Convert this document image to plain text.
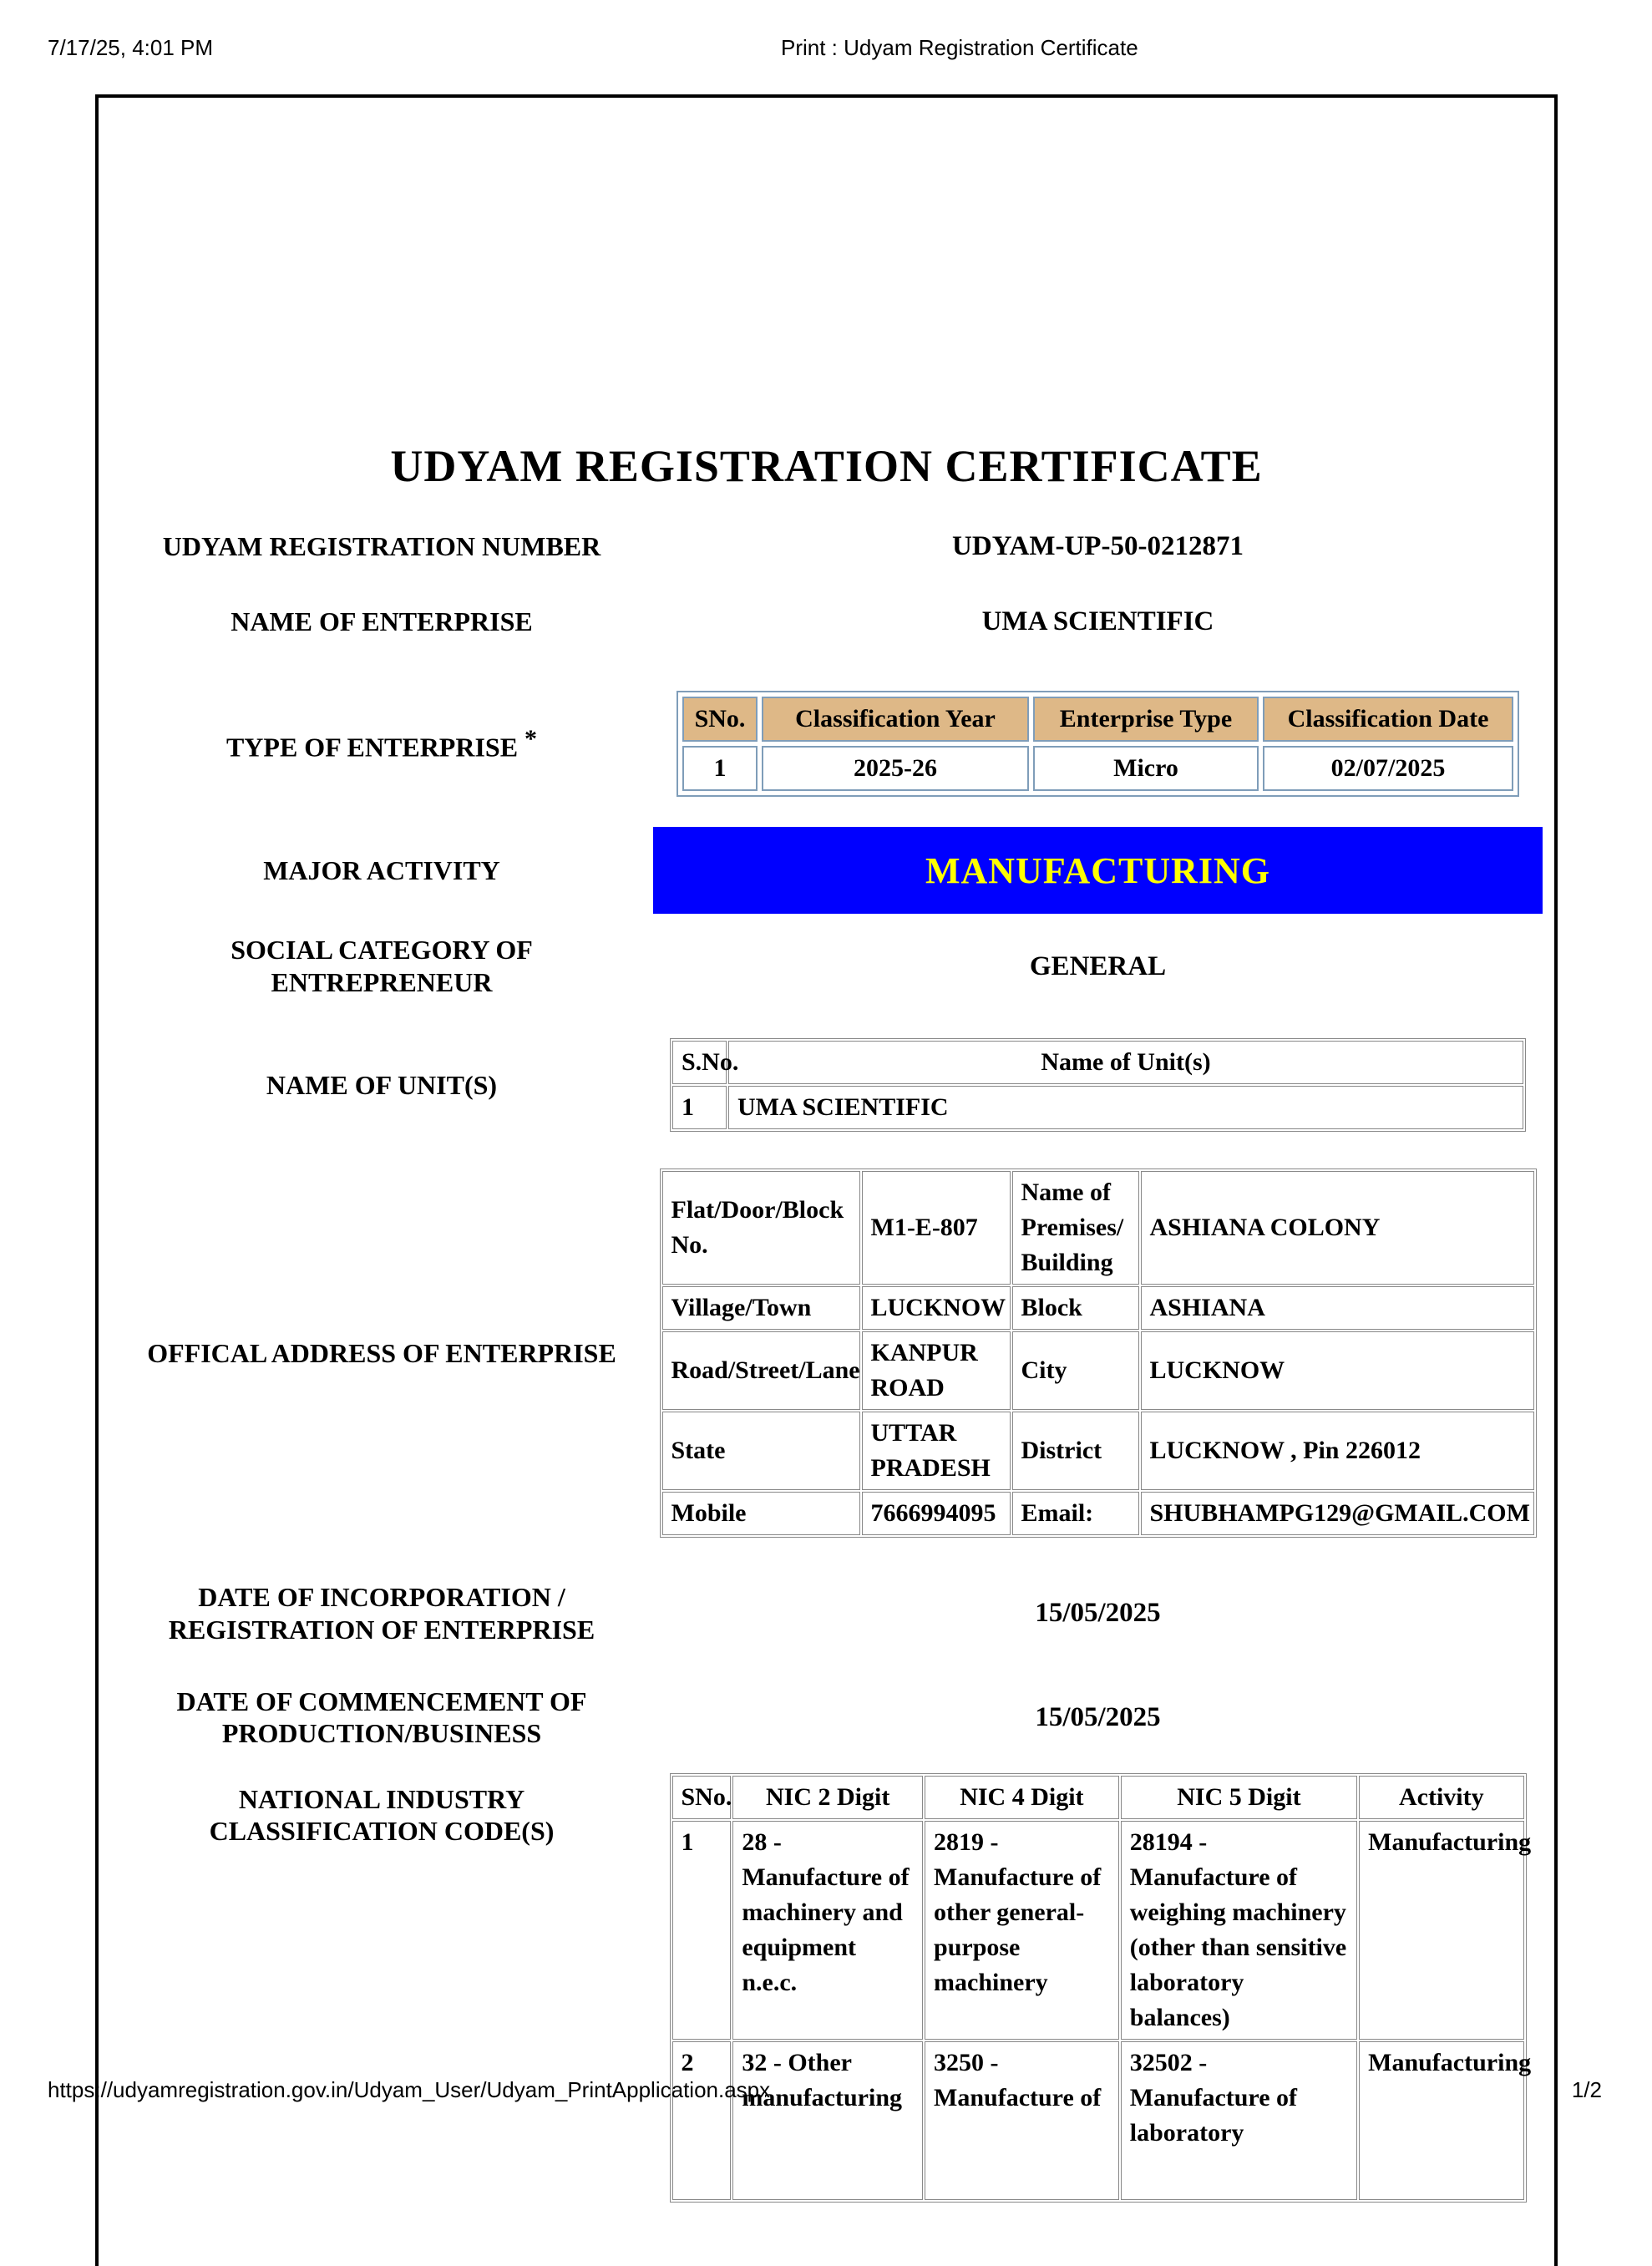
7/17/25, 4:01 PM	Print : Udyam Registration Certificate
UDYAM REGISTRATION CERTIFICATE
UDYAM REGISTRATION NUMBER	UDYAM-UP-50-0212871
NAME OF ENTERPRISE	UMA SCIENTIFIC
TYPE OF ENTERPRISE *
SNo.	Classification Year	Enterprise Type	Classification Date
1	2025-26	Micro	02/07/2025
MAJOR ACTIVITY	MANUFACTURING
SOCIAL CATEGORY OF
ENTREPRENEUR
GENERAL
NAME OF UNIT(S)
S.No.	Name of Unit(s)
1	UMA SCIENTIFIC
OFFICAL ADDRESS OF ENTERPRISE
Flat/Door/Block No.	M1-E-807	Name of Premises/ Building	ASHIANA COLONY
Village/Town	LUCKNOW	Block	ASHIANA
Road/Street/Lane	KANPUR ROAD	City	LUCKNOW
State	UTTAR PRADESH	District	LUCKNOW , Pin 226012
Mobile	7666994095	Email:	SHUBHAMPG129@GMAIL.COM
DATE OF INCORPORATION /
REGISTRATION OF ENTERPRISE
15/05/2025
DATE OF COMMENCEMENT OF
PRODUCTION/BUSINESS
15/05/2025
NATIONAL INDUSTRY
CLASSIFICATION CODE(S)
SNo.	NIC 2 Digit	NIC 4 Digit	NIC 5 Digit	Activity
1	28 - Manufacture of machinery and equipment n.e.c.	2819 - Manufacture of other general-purpose machinery	28194 - Manufacture of weighing machinery (other than sensitive laboratory balances)	Manufacturing
2	32 - Other manufacturing	3250 - Manufacture of	32502 - Manufacture of laboratory	Manufacturing
https://udyamregistration.gov.in/Udyam_User/Udyam_PrintApplication.aspx	1/2
